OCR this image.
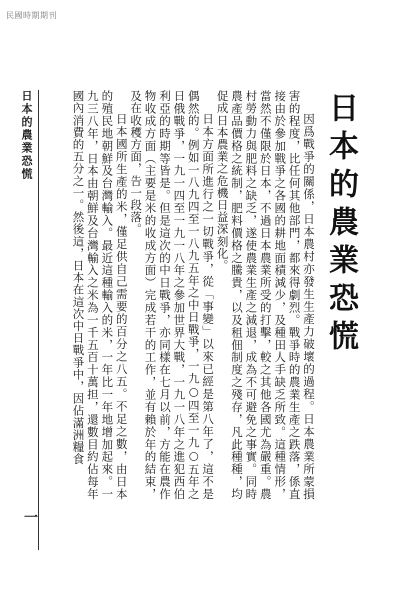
民國時期期刊
日本的農業恐慌

因爲戰爭的關係，日本農村亦發生生產力破壞的過程。日本農業所蒙損害的程度，比任何其他部門，都來得劇烈。戰爭時的農業生產之跌落，係直接由於參加戰爭之各國的耕地面積減少，及種田人手缺乏所致。這種情形，當然不僅限於日本，不過日本農業所受的打擊，較之其他各國尤為嚴重。農村勞動力與肥料之缺乏，遂使農業生產之減退，成為不可避免之事實。同時農產品價格之統制，肥料價格之騰貴，以及租佃制度之殘存，凡此種種，均促成日本農業之危機日益深刻化。

日本方面所進行之一切戰爭，從「事變」以來已經是第八年了，這不是偶然的。例如一八九四至一八九五年之中日戰爭，一九○四至一九○五年之日俄戰爭，一九一四至一九一八年之參加世界大戰，一九一八年之進犯西伯利亞的時期等皆是。但是這次的中日戰爭，亦同樣在七月以前，方能在農作物收成方面（主要是米的收成方面）完成若干的工作，並有賴於年的結束，及在收穫方面，告一段落。

日本國所生產的米，僅足供自己需要的百分之八五。不足之數，由日本的殖民地朝鮮及台灣輸入。最近這種輸入的米，一年比一年地增加起來。一九三八年，日本由朝鮮及台灣輸入之米為一千五百十萬担，還數目約佔每年國內消費的五分之一。然後這，日本在這次中日戰爭中，因佔滿洲糧食

日本的農業恐慌
一
